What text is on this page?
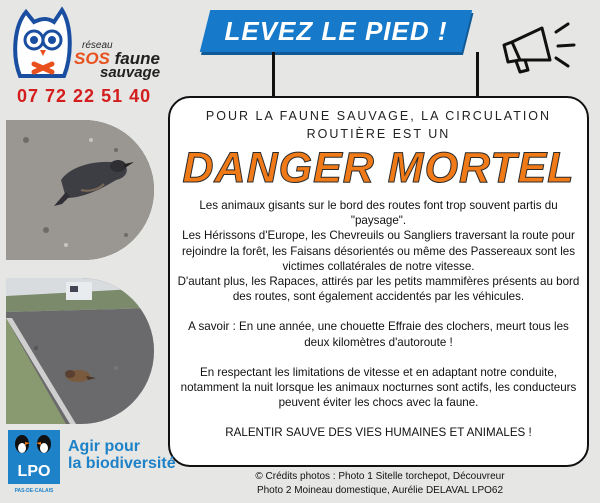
réseau
SOS faune
sauvage
07 72 22 51 40
LEVEZ LE PIED !
POUR LA FAUNE SAUVAGE, LA CIRCULATION ROUTIÈRE EST UN
DANGER MORTEL

Les animaux gisants sur le bord des routes font trop souvent partis du "paysage".

Les Hérissons d'Europe, les Chevreuils ou Sangliers traversant la route pour rejoindre la forêt, les Faisans désorientés ou même des Passereaux sont les victimes collatérales de notre vitesse.

D'autant plus, les Rapaces, attirés par les petits mammifères présents au bord des routes, sont également accidentés par les véhicules.

A savoir : En une année, une chouette Effraie des clochers, meurt tous les deux kilomètres d'autoroute !

En respectant les limitations de vitesse et en adaptant notre conduite, notamment la nuit lorsque les animaux nocturnes sont actifs, les conducteurs peuvent éviter les chocs avec la faune.

RALENTIR SAUVE DES VIES HUMAINES ET ANIMALES !

LPO
PAS-DE-CALAIS
Agir pour
la biodiversité
© Crédits photos : Photo 1 Sitelle torchepot, Découvreur
Photo 2 Moineau domestique, Aurélie DELAVAL LPO62
